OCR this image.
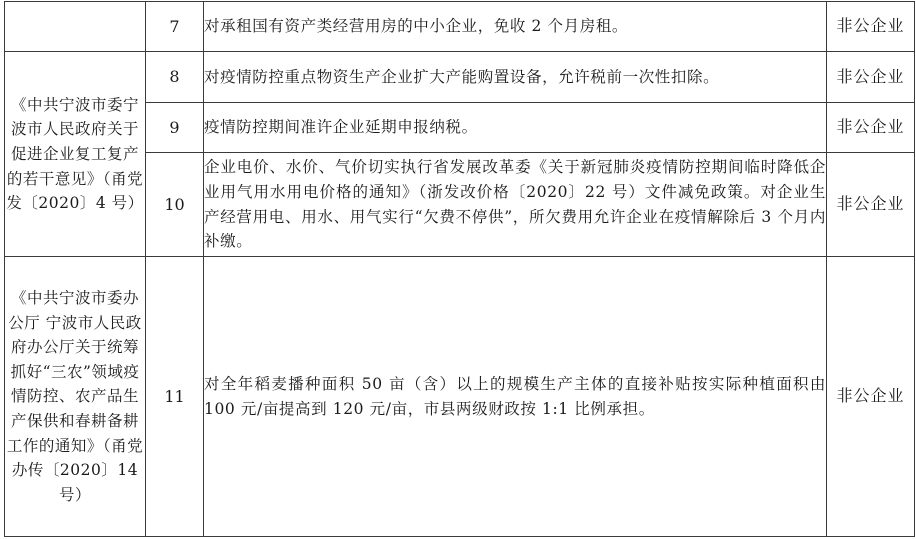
	7	对承租国有资产类经营用房的中小企业，免收 2 个月房租。	非公企业
《中共宁波市委宁波市人民政府关于促进企业复工复产的若干意见》（甬党发〔2020〕4 号）	8	对疫情防控重点物资生产企业扩大产能购置设备，允许税前一次性扣除。	非公企业
	9	疫情防控期间准许企业延期申报纳税。	非公企业
	10	企业电价、水价、气价切实执行省发展改革委《关于新冠肺炎疫情防控期间临时降低企业用气用水用电价格的通知》（浙发改价格〔2020〕22 号）文件减免政策。对企业生产经营用电、用水、用气实行“欠费不停供”，所欠费用允许企业在疫情解除后 3 个月内补缴。	非公企业
《中共宁波市委办公厅 宁波市人民政府办公厅关于统筹抓好“三农”领域疫情防控、农产品生产保供和春耕备耕工作的通知》（甬党办传〔2020〕14 号）	11	对全年稻麦播种面积 50 亩（含）以上的规模生产主体的直接补贴按实际种植面积由 100 元/亩提高到 120 元/亩，市县两级财政按 1:1 比例承担。	非公企业
